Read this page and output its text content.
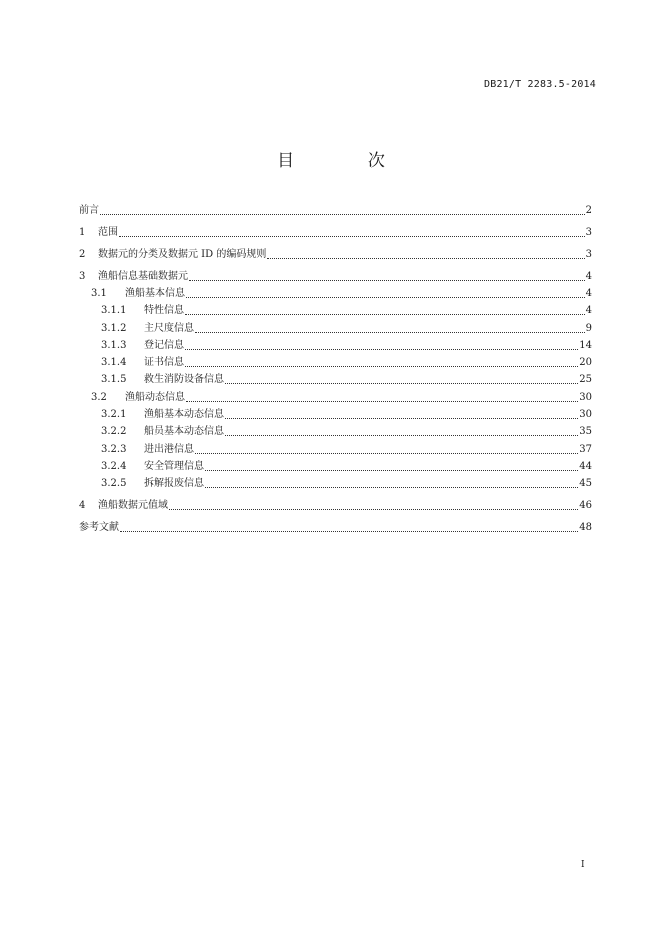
DB21/T 2283.5-2014
目	次
前言	2
1	范围	3
2	数据元的分类及数据元 ID 的编码规则	3
3	渔船信息基础数据元	4
3.1	渔船基本信息	4
3.1.1	特性信息	4
3.1.2	主尺度信息	9
3.1.3	登记信息	14
3.1.4	证书信息	20
3.1.5	救生消防设备信息	25
3.2	渔船动态信息	30
3.2.1	渔船基本动态信息	30
3.2.2	船员基本动态信息	35
3.2.3	进出港信息	37
3.2.4	安全管理信息	44
3.2.5	拆解报废信息	45
4	渔船数据元值域	46
参考文献	48
I
